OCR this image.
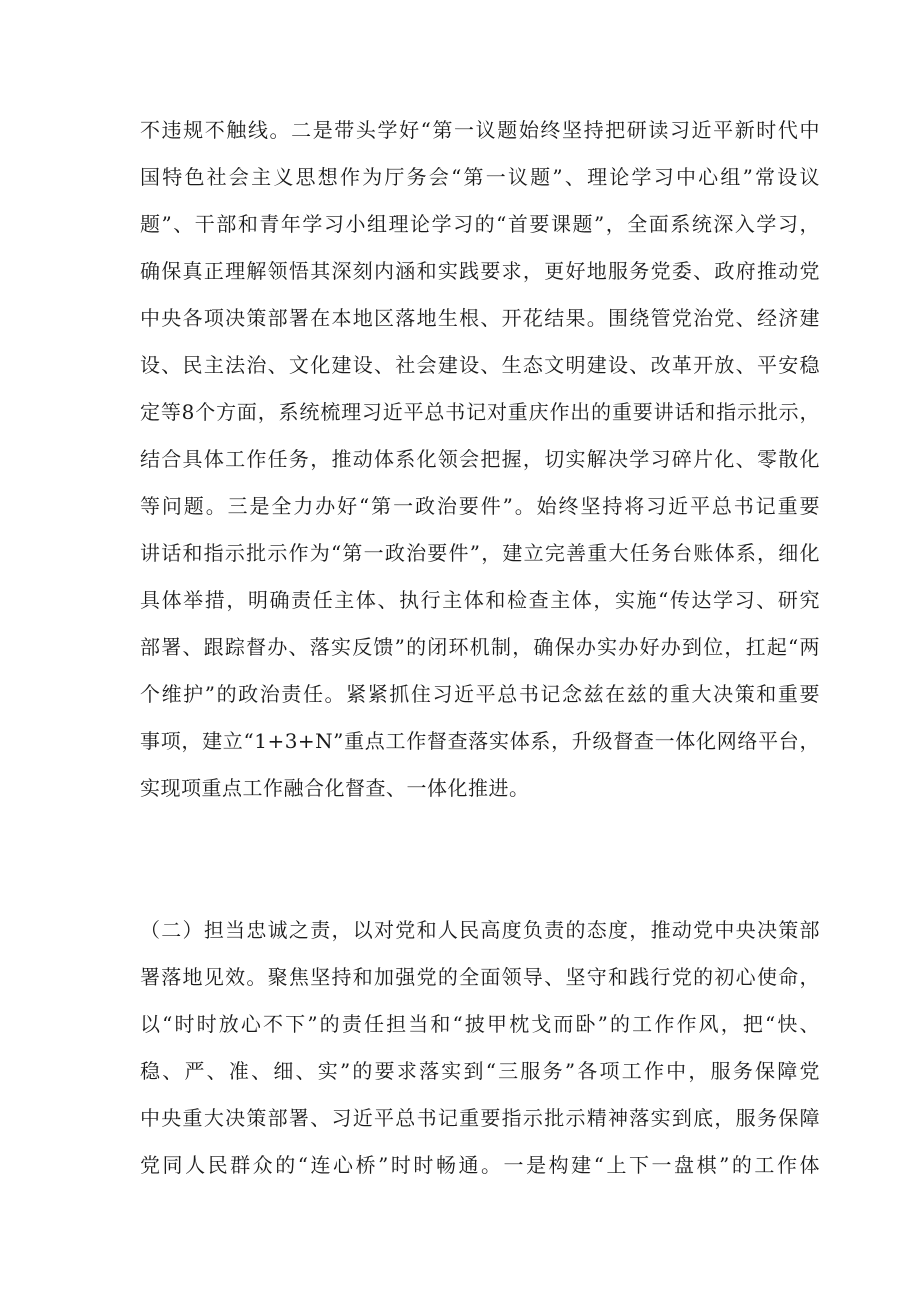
不违规不触线。二是带头学好“第一议题始终坚持把研读习近平新时代中
国特色社会主义思想作为厅务会“第一议题”、理论学习中心组”常设议
题”、干部和青年学习小组理论学习的“首要课题”，全面系统深入学习，
确保真正理解领悟其深刻内涵和实践要求，更好地服务党委、政府推动党
中央各项决策部署在本地区落地生根、开花结果。围绕管党治党、经济建
设、民主法治、文化建设、社会建设、生态文明建设、改革开放、平安稳
定等8个方面，系统梳理习近平总书记对重庆作出的重要讲话和指示批示，
结合具体工作任务，推动体系化领会把握，切实解决学习碎片化、零散化
等问题。三是全力办好“第一政治要件”。始终坚持将习近平总书记重要
讲话和指示批示作为“第一政治要件”，建立完善重大任务台账体系，细化
具体举措，明确责任主体、执行主体和检查主体，实施“传达学习、研究
部署、跟踪督办、落实反馈”的闭环机制，确保办实办好办到位，扛起“两
个维护”的政治责任。紧紧抓住习近平总书记念兹在兹的重大决策和重要
事项，建立“1+3+N”重点工作督查落实体系，升级督查一体化网络平台，
实现项重点工作融合化督查、一体化推进。
（二）担当忠诚之责，以对党和人民高度负责的态度，推动党中央决策部
署落地见效。聚焦坚持和加强党的全面领导、坚守和践行党的初心使命，
以“时时放心不下”的责任担当和“披甲枕戈而卧”的工作作风，把“快、
稳、严、准、细、实”的要求落实到“三服务”各项工作中，服务保障党
中央重大决策部署、习近平总书记重要指示批示精神落实到底，服务保障
党同人民群众的“连心桥”时时畅通。一是构建“上下一盘棋”的工作体
